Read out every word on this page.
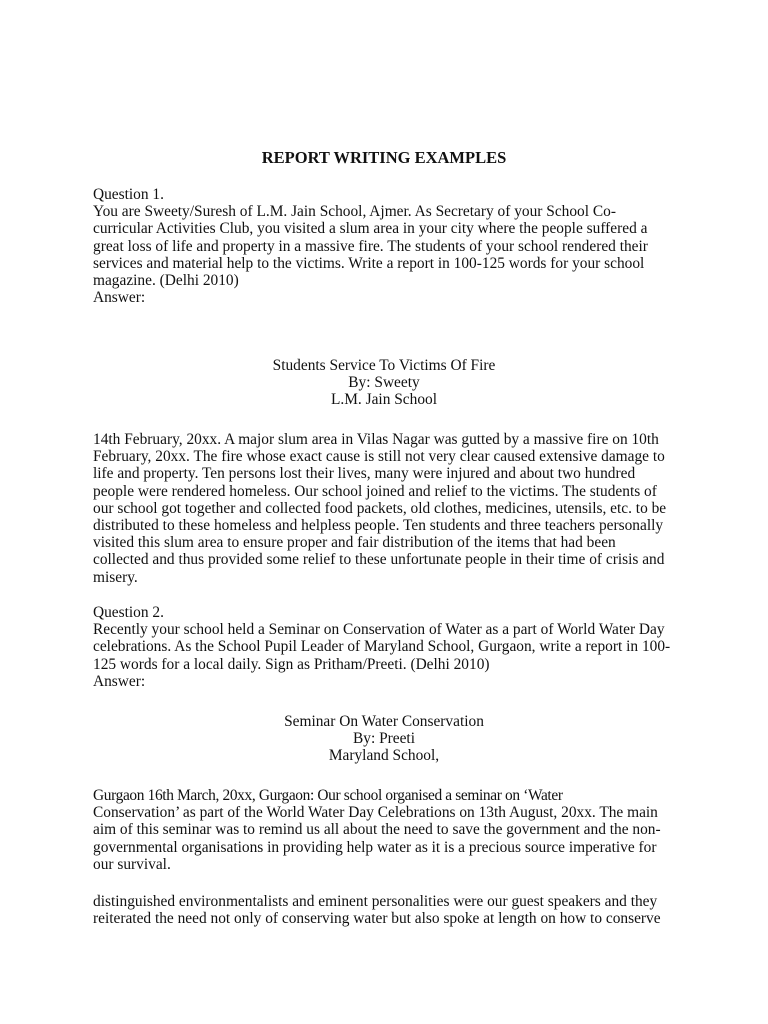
REPORT WRITING EXAMPLES
Question 1.
You are Sweety/Suresh of L.M. Jain School, Ajmer. As Secretary of your School Co-
curricular Activities Club, you visited a slum area in your city where the people suffered a
great loss of life and property in a massive fire. The students of your school rendered their
services and material help to the victims. Write a report in 100-125 words for your school
magazine. (Delhi 2010)
Answer:
Students Service To Victims Of Fire
By: Sweety
L.M. Jain School
14th February, 20xx. A major slum area in Vilas Nagar was gutted by a massive fire on 10th
February, 20xx. The fire whose exact cause is still not very clear caused extensive damage to
life and property. Ten persons lost their lives, many were injured and about two hundred
people were rendered homeless. Our school joined and relief to the victims. The students of
our school got together and collected food packets, old clothes, medicines, utensils, etc. to be
distributed to these homeless and helpless people. Ten students and three teachers personally
visited this slum area to ensure proper and fair distribution of the items that had been
collected and thus provided some relief to these unfortunate people in their time of crisis and
misery.
Question 2.
Recently your school held a Seminar on Conservation of Water as a part of World Water Day
celebrations. As the School Pupil Leader of Maryland School, Gurgaon, write a report in 100-
125 words for a local daily. Sign as Pritham/Preeti. (Delhi 2010)
Answer:
Seminar On Water Conservation
By: Preeti
Maryland School,
Gurgaon 16th March, 20xx, Gurgaon: Our school organised a seminar on ‘Water
Conservation’ as part of the World Water Day Celebrations on 13th August, 20xx. The main
aim of this seminar was to remind us all about the need to save the government and the non-
governmental organisations in providing help water as it is a precious source imperative for
our survival.
distinguished environmentalists and eminent personalities were our guest speakers and they
reiterated the need not only of conserving water but also spoke at length on how to conserve
